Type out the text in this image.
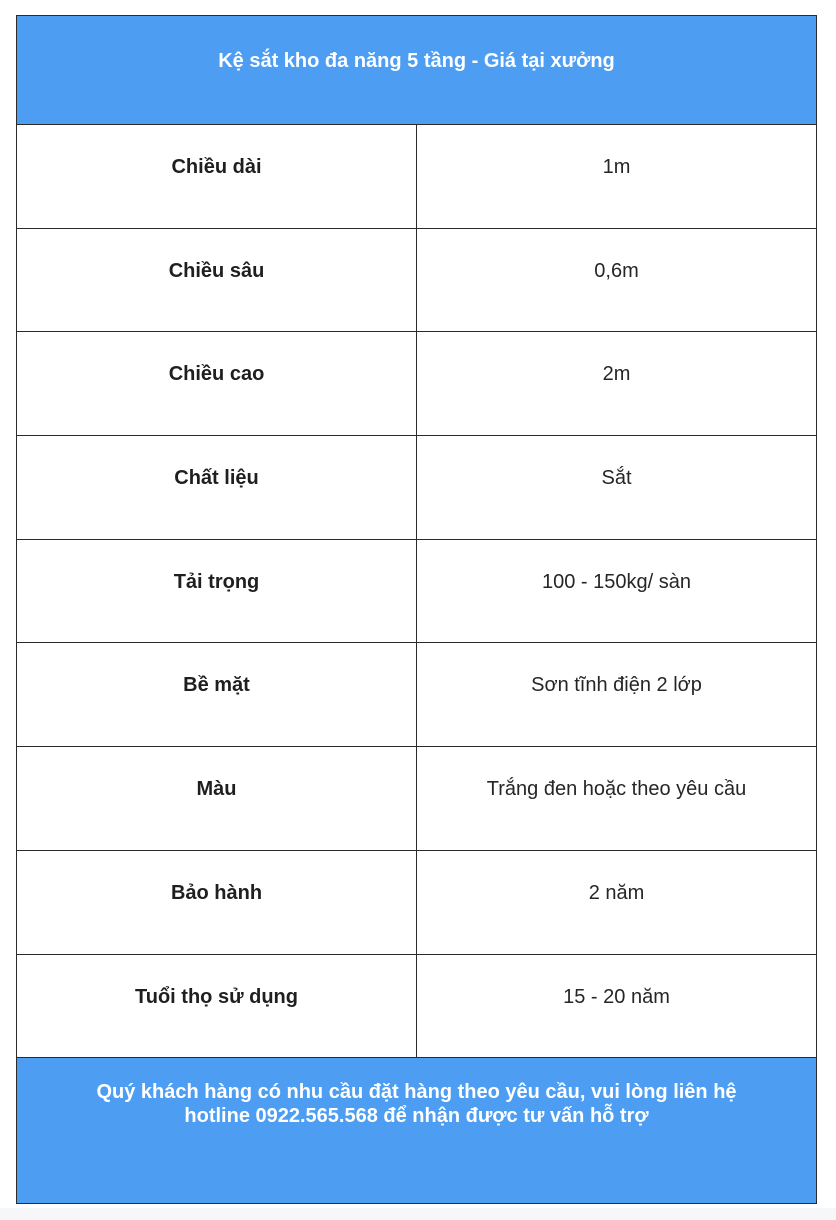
Kệ sắt kho đa năng 5 tầng - Giá tại xưởng	
Chiều dài	1m
Chiều sâu	0,6m
Chiều cao	2m
Chất liệu	Sắt
Tải trọng	100 - 150kg/ sàn
Bề mặt	Sơn tĩnh điện 2 lớp
Màu	Trắng đen hoặc theo yêu cầu
Bảo hành	2 năm
Tuổi thọ sử dụng	15 - 20 năm

Quý khách hàng có nhu cầu đặt hàng theo yêu cầu, vui lòng liên hệ
hotline 0922.565.568 để nhận được tư vấn hỗ trợ	
